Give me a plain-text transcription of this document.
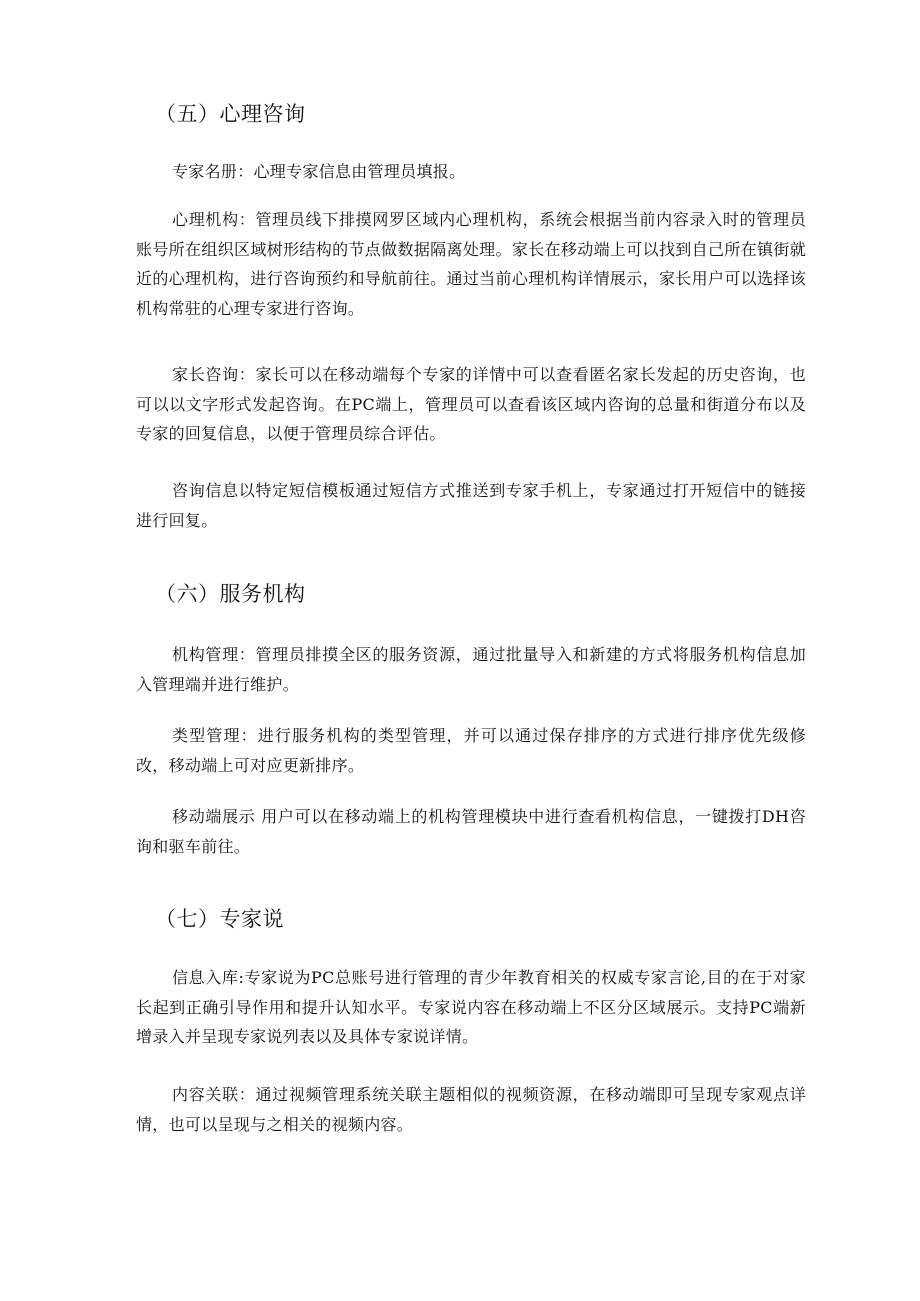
（五）心理咨询

专家名册：心理专家信息由管理员填报。

心理机构：管理员线下排摸网罗区域内心理机构，系统会根据当前内容录入时的管理员账号所在组织区域树形结构的节点做数据隔离处理。家长在移动端上可以找到自己所在镇街就近的心理机构，进行咨询预约和导航前往。通过当前心理机构详情展示，家长用户可以选择该机构常驻的心理专家进行咨询。

家长咨询：家长可以在移动端每个专家的详情中可以查看匿名家长发起的历史咨询，也可以以文字形式发起咨询。在PC端上，管理员可以查看该区域内咨询的总量和街道分布以及专家的回复信息，以便于管理员综合评估。

咨询信息以特定短信模板通过短信方式推送到专家手机上，专家通过打开短信中的链接进行回复。

（六）服务机构

机构管理：管理员排摸全区的服务资源，通过批量导入和新建的方式将服务机构信息加入管理端并进行维护。

类型管理：进行服务机构的类型管理，并可以通过保存排序的方式进行排序优先级修改，移动端上可对应更新排序。

移动端展示 用户可以在移动端上的机构管理模块中进行查看机构信息，一键拨打DH咨询和驱车前往。

（七）专家说

信息入库:专家说为PC总账号进行管理的青少年教育相关的权威专家言论,目的在于对家长起到正确引导作用和提升认知水平。专家说内容在移动端上不区分区域展示。支持PC端新增录入并呈现专家说列表以及具体专家说详情。

内容关联：通过视频管理系统关联主题相似的视频资源，在移动端即可呈现专家观点详情，也可以呈现与之相关的视频内容。
